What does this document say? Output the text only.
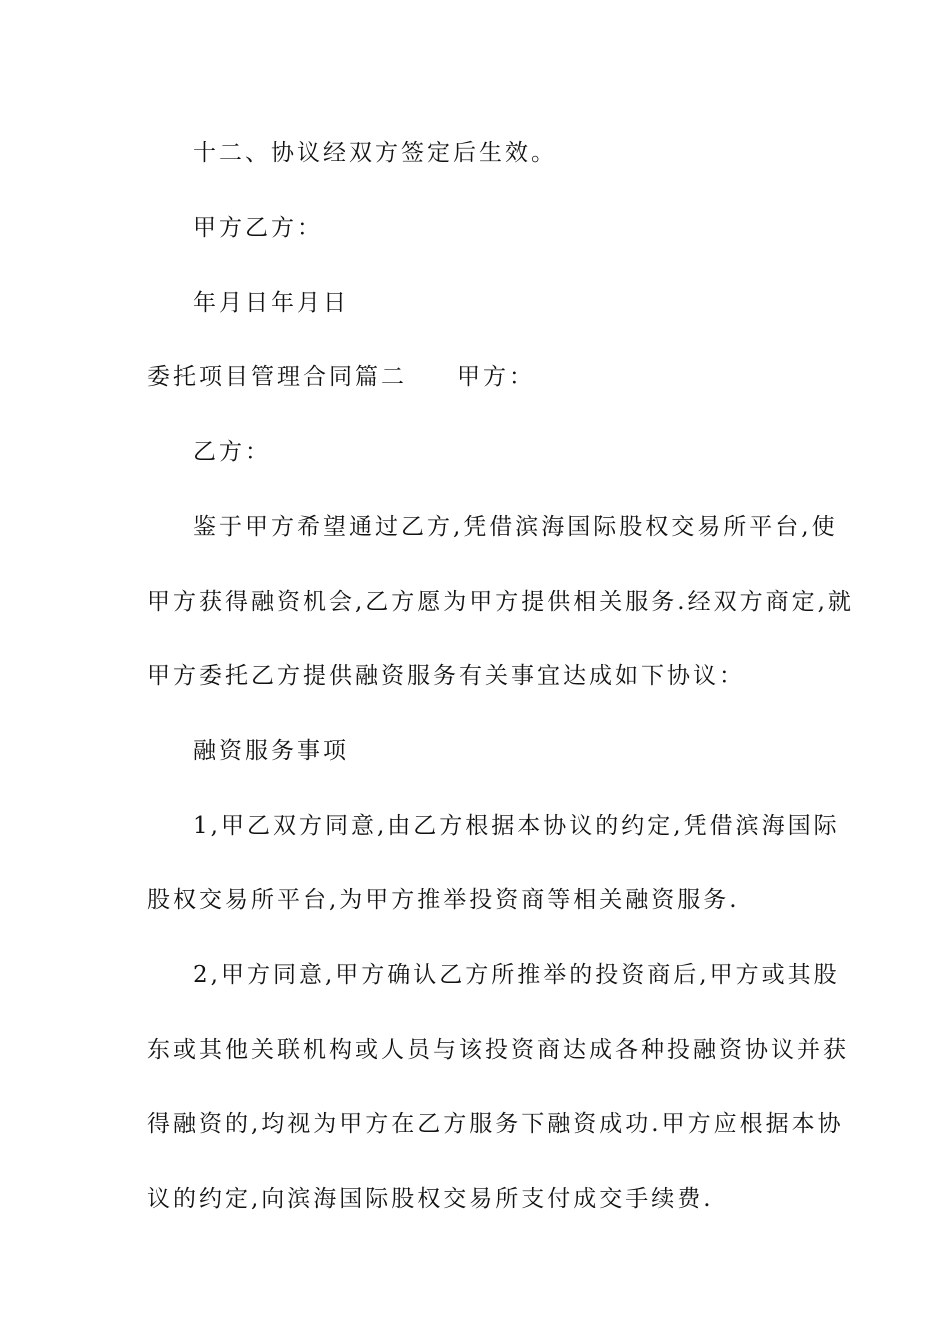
十二、协议经双方签定后生效。
甲方乙方：
年月日年月日
委托项目管理合同篇二 甲方：
乙方：
鉴于甲方希望通过乙方,凭借滨海国际股权交易所平台,使
甲方获得融资机会,乙方愿为甲方提供相关服务.经双方商定,就
甲方委托乙方提供融资服务有关事宜达成如下协议：
融资服务事项
1,甲乙双方同意,由乙方根据本协议的约定,凭借滨海国际
股权交易所平台,为甲方推举投资商等相关融资服务.
2,甲方同意,甲方确认乙方所推举的投资商后,甲方或其股
东或其他关联机构或人员与该投资商达成各种投融资协议并获
得融资的,均视为甲方在乙方服务下融资成功.甲方应根据本协
议的约定,向滨海国际股权交易所支付成交手续费.
